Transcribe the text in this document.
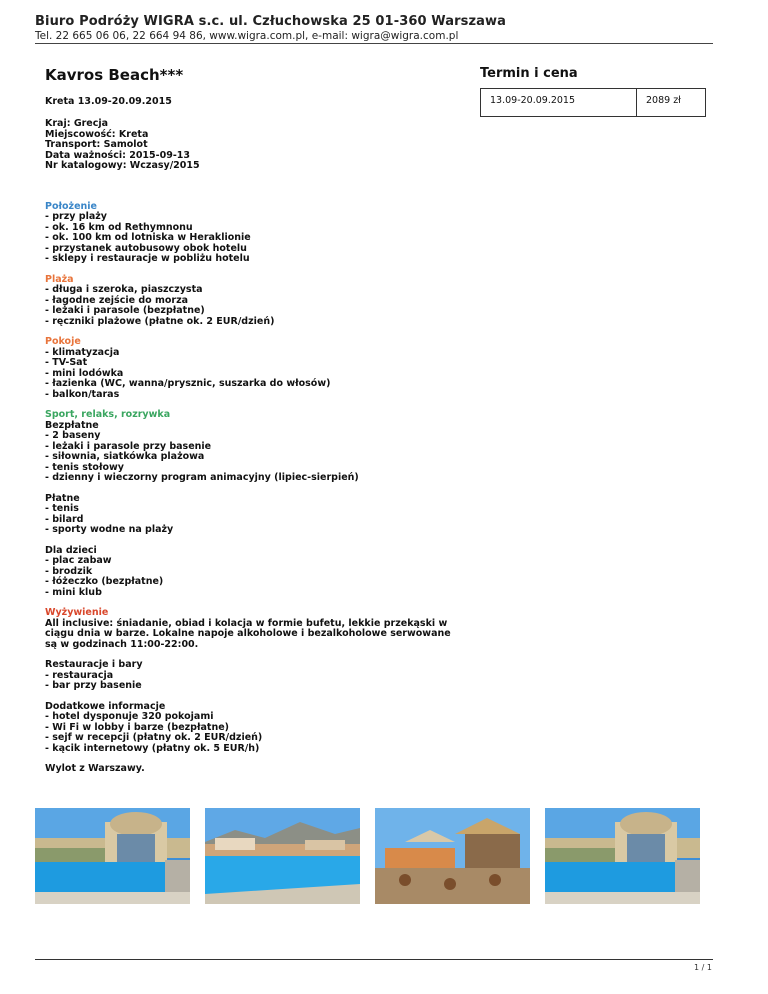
Biuro Podróży WIGRA s.c. ul. Człuchowska 25 01-360 Warszawa
Tel. 22 665 06 06, 22 664 94 86, www.wigra.com.pl, e-mail: wigra@wigra.com.pl
Kavros Beach***
Kreta 13.09-20.09.2015
Kraj: Grecja
Miejscowość: Kreta
Transport: Samolot
Data ważności: 2015-09-13
Nr katalogowy: Wczasy/2015
Położenie
- przy plaży
- ok. 16 km od Rethymnonu
- ok. 100 km od lotniska w Heraklionie
- przystanek autobusowy obok hotelu
- sklepy i restauracje w pobliżu hotelu
Plaża
- długa i szeroka, piaszczysta
- łagodne zejście do morza
- leżaki i parasole (bezpłatne)
- ręczniki plażowe (płatne ok. 2 EUR/dzień)
Pokoje
- klimatyzacja
- TV-Sat
- mini lodówka
- łazienka (WC, wanna/prysznic, suszarka do włosów)
- balkon/taras
Sport, relaks, rozrywka
Bezpłatne
- 2 baseny
- leżaki i parasole przy basenie
- siłownia, siatkówka plażowa
- tenis stołowy
- dzienny i wieczorny program animacyjny (lipiec-sierpień)
Płatne
- tenis
- bilard
- sporty wodne na plaży
Dla dzieci
- plac zabaw
- brodzik
- łóżeczko (bezpłatne)
- mini klub
Wyżywienie
All inclusive: śniadanie, obiad i kolacja w formie bufetu, lekkie przekąski w ciągu dnia w barze. Lokalne napoje alkoholowe i bezalkoholowe serwowane są w godzinach 11:00-22:00.
Restauracje i bary
- restauracja
- bar przy basenie
Dodatkowe informacje
- hotel dysponuje 320 pokojami
- Wi Fi w lobby i barze (bezpłatne)
- sejf w recepcji (płatny ok. 2 EUR/dzień)
- kącik internetowy (płatny ok. 5 EUR/h)
Wylot z Warszawy.
Termin i cena
13.09-20.09.2015	2089 zł
1 / 1
